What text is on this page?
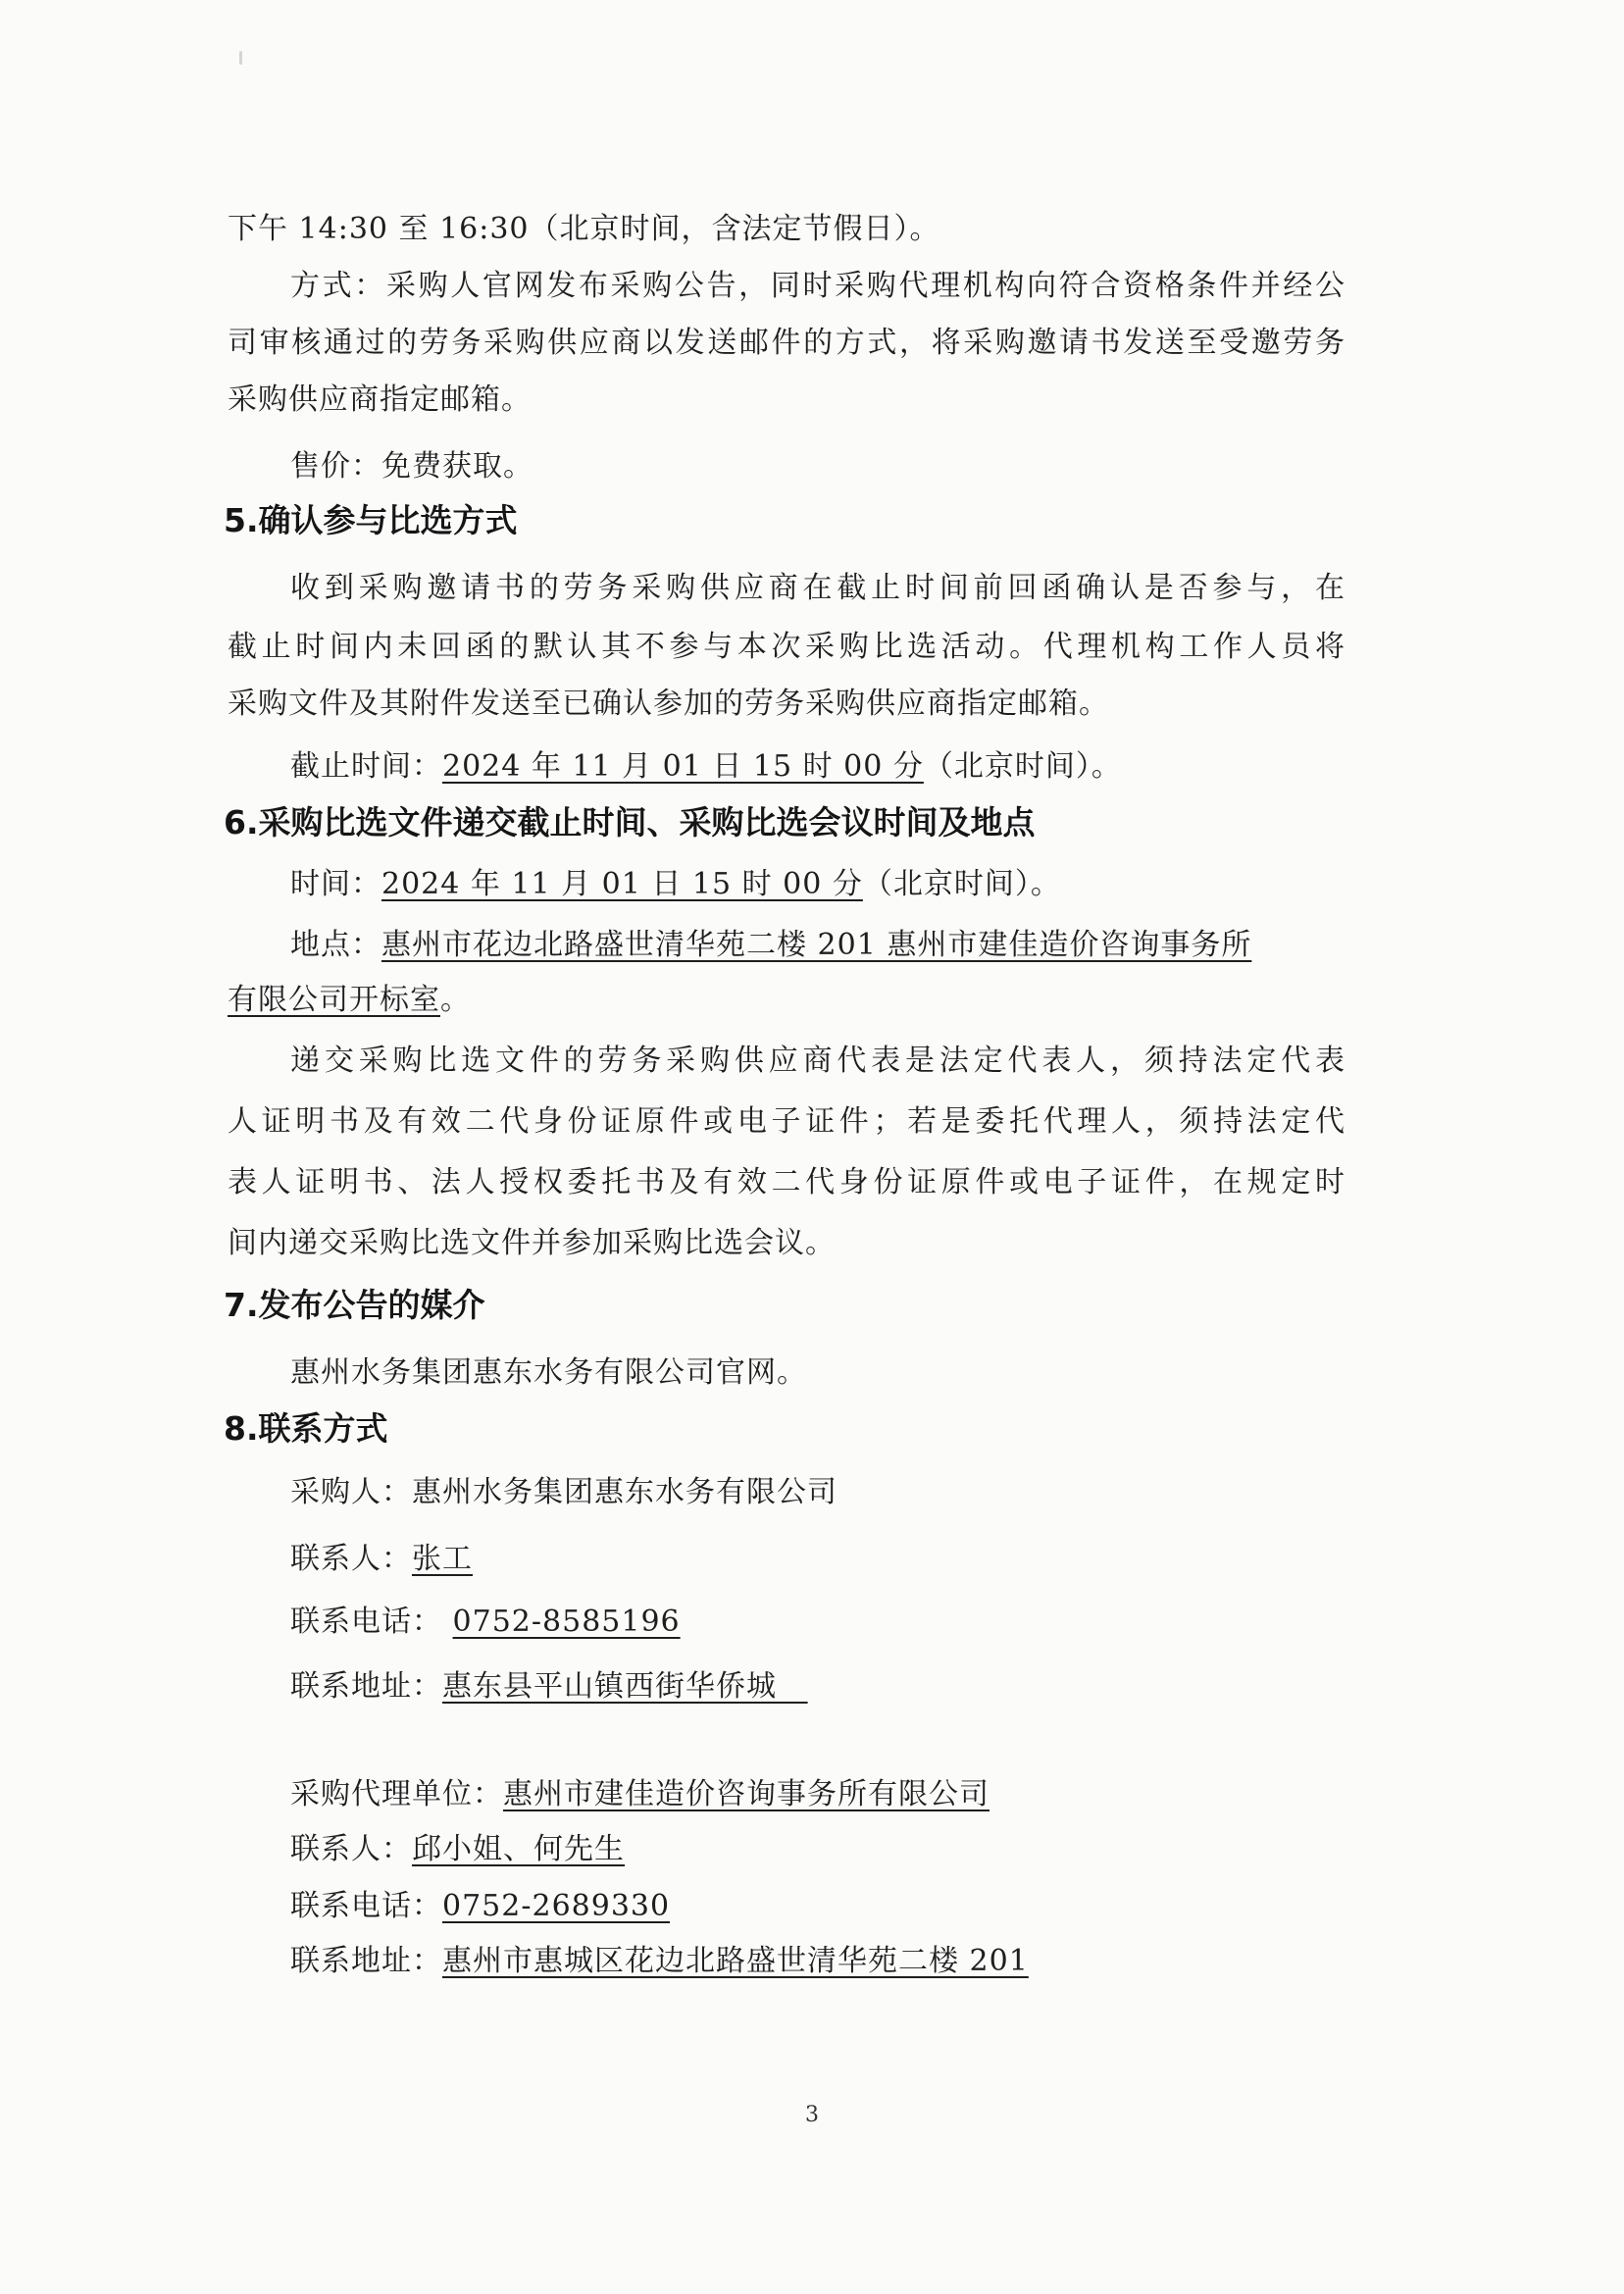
下午 14:30 至 16:30（北京时间，含法定节假日）。
方式：采购人官网发布采购公告，同时采购代理机构向符合资格条件并经公
司审核通过的劳务采购供应商以发送邮件的方式，将采购邀请书发送至受邀劳务
采购供应商指定邮箱。
售价：免费获取。
5.确认参与比选方式
收到采购邀请书的劳务采购供应商在截止时间前回函确认是否参与，在
截止时间内未回函的默认其不参与本次采购比选活动。代理机构工作人员将
采购文件及其附件发送至已确认参加的劳务采购供应商指定邮箱。
截止时间：2024 年 11 月 01 日 15 时 00 分（北京时间）。
6.采购比选文件递交截止时间、采购比选会议时间及地点
时间：2024 年 11 月 01 日 15 时 00 分（北京时间）。
地点：惠州市花边北路盛世清华苑二楼 201 惠州市建佳造价咨询事务所
有限公司开标室。
递交采购比选文件的劳务采购供应商代表是法定代表人，须持法定代表
人证明书及有效二代身份证原件或电子证件；若是委托代理人，须持法定代
表人证明书、法人授权委托书及有效二代身份证原件或电子证件，在规定时
间内递交采购比选文件并参加采购比选会议。
7.发布公告的媒介
惠州水务集团惠东水务有限公司官网。
8.联系方式
采购人：惠州水务集团惠东水务有限公司
联系人：张工
联系电话： 0752-8585196
联系地址：惠东县平山镇西街华侨城
采购代理单位：惠州市建佳造价咨询事务所有限公司
联系人：邱小姐、何先生
联系电话：0752-2689330
联系地址：惠州市惠城区花边北路盛世清华苑二楼 201
3
